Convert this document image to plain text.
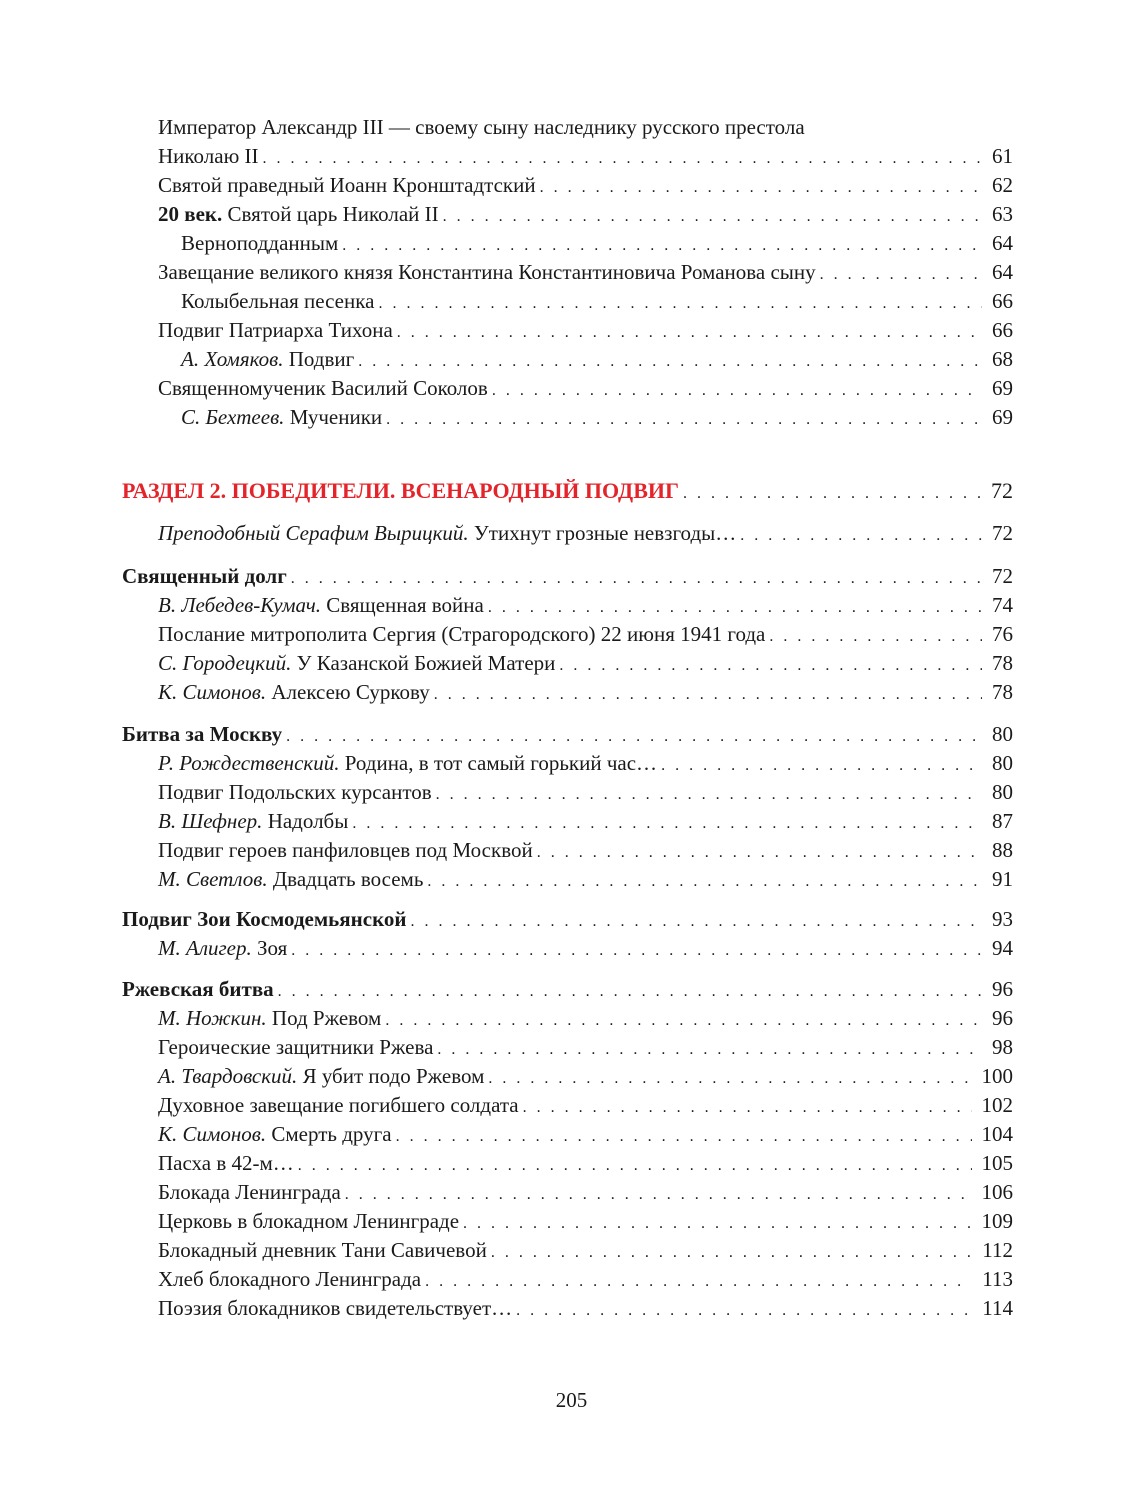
Император Александр III — своему сыну наследнику русского престола
Николаю II . . .	61
Святой праведный Иоанн Кронштадтский . . .	62
20 век. Святой царь Николай II . . .	63
Верноподданным . . .	64
Завещание великого князя Константина Константиновича Романова сыну . . .	64
Колыбельная песенка . . .	66
Подвиг Патриарха Тихона . . .	66
А. Хомяков. Подвиг . . .	68
Священномученик Василий Соколов . . .	69
С. Бехтеев. Мученики . . .	69
РАЗДЕЛ 2. ПОБЕДИТЕЛИ. ВСЕНАРОДНЫЙ ПОДВИГ . . .	72
Преподобный Серафим Вырицкий. Утихнут грозные невзгоды… . . .	72
Священный долг . . .	72
В. Лебедев-Кумач. Священная война . . .	74
Послание митрополита Сергия (Страгородского) 22 июня 1941 года . . .	76
С. Городецкий. У Казанской Божией Матери . . .	78
К. Симонов. Алексею Суркову . . .	78
Битва за Москву . . .	80
Р. Рождественский. Родина, в тот самый горький час… . . .	80
Подвиг Подольских курсантов . . .	80
В. Шефнер. Надолбы . . .	87
Подвиг героев панфиловцев под Москвой . . .	88
М. Светлов. Двадцать восемь . . .	91
Подвиг Зои Космодемьянской . . .	93
М. Алигер. Зоя . . .	94
Ржевская битва . . .	96
М. Ножкин. Под Ржевом . . .	96
Героические защитники Ржева . . .	98
А. Твардовский. Я убит подо Ржевом . . .	100
Духовное завещание погибшего солдата . . .	102
К. Симонов. Смерть друга . . .	104
Пасха в 42-м… . . .	105
Блокада Ленинграда . . .	106
Церковь в блокадном Ленинграде . . .	109
Блокадный дневник Тани Савичевой . . .	112
Хлеб блокадного Ленинграда . . .	113
Поэзия блокадников свидетельствует… . . .	114
205
